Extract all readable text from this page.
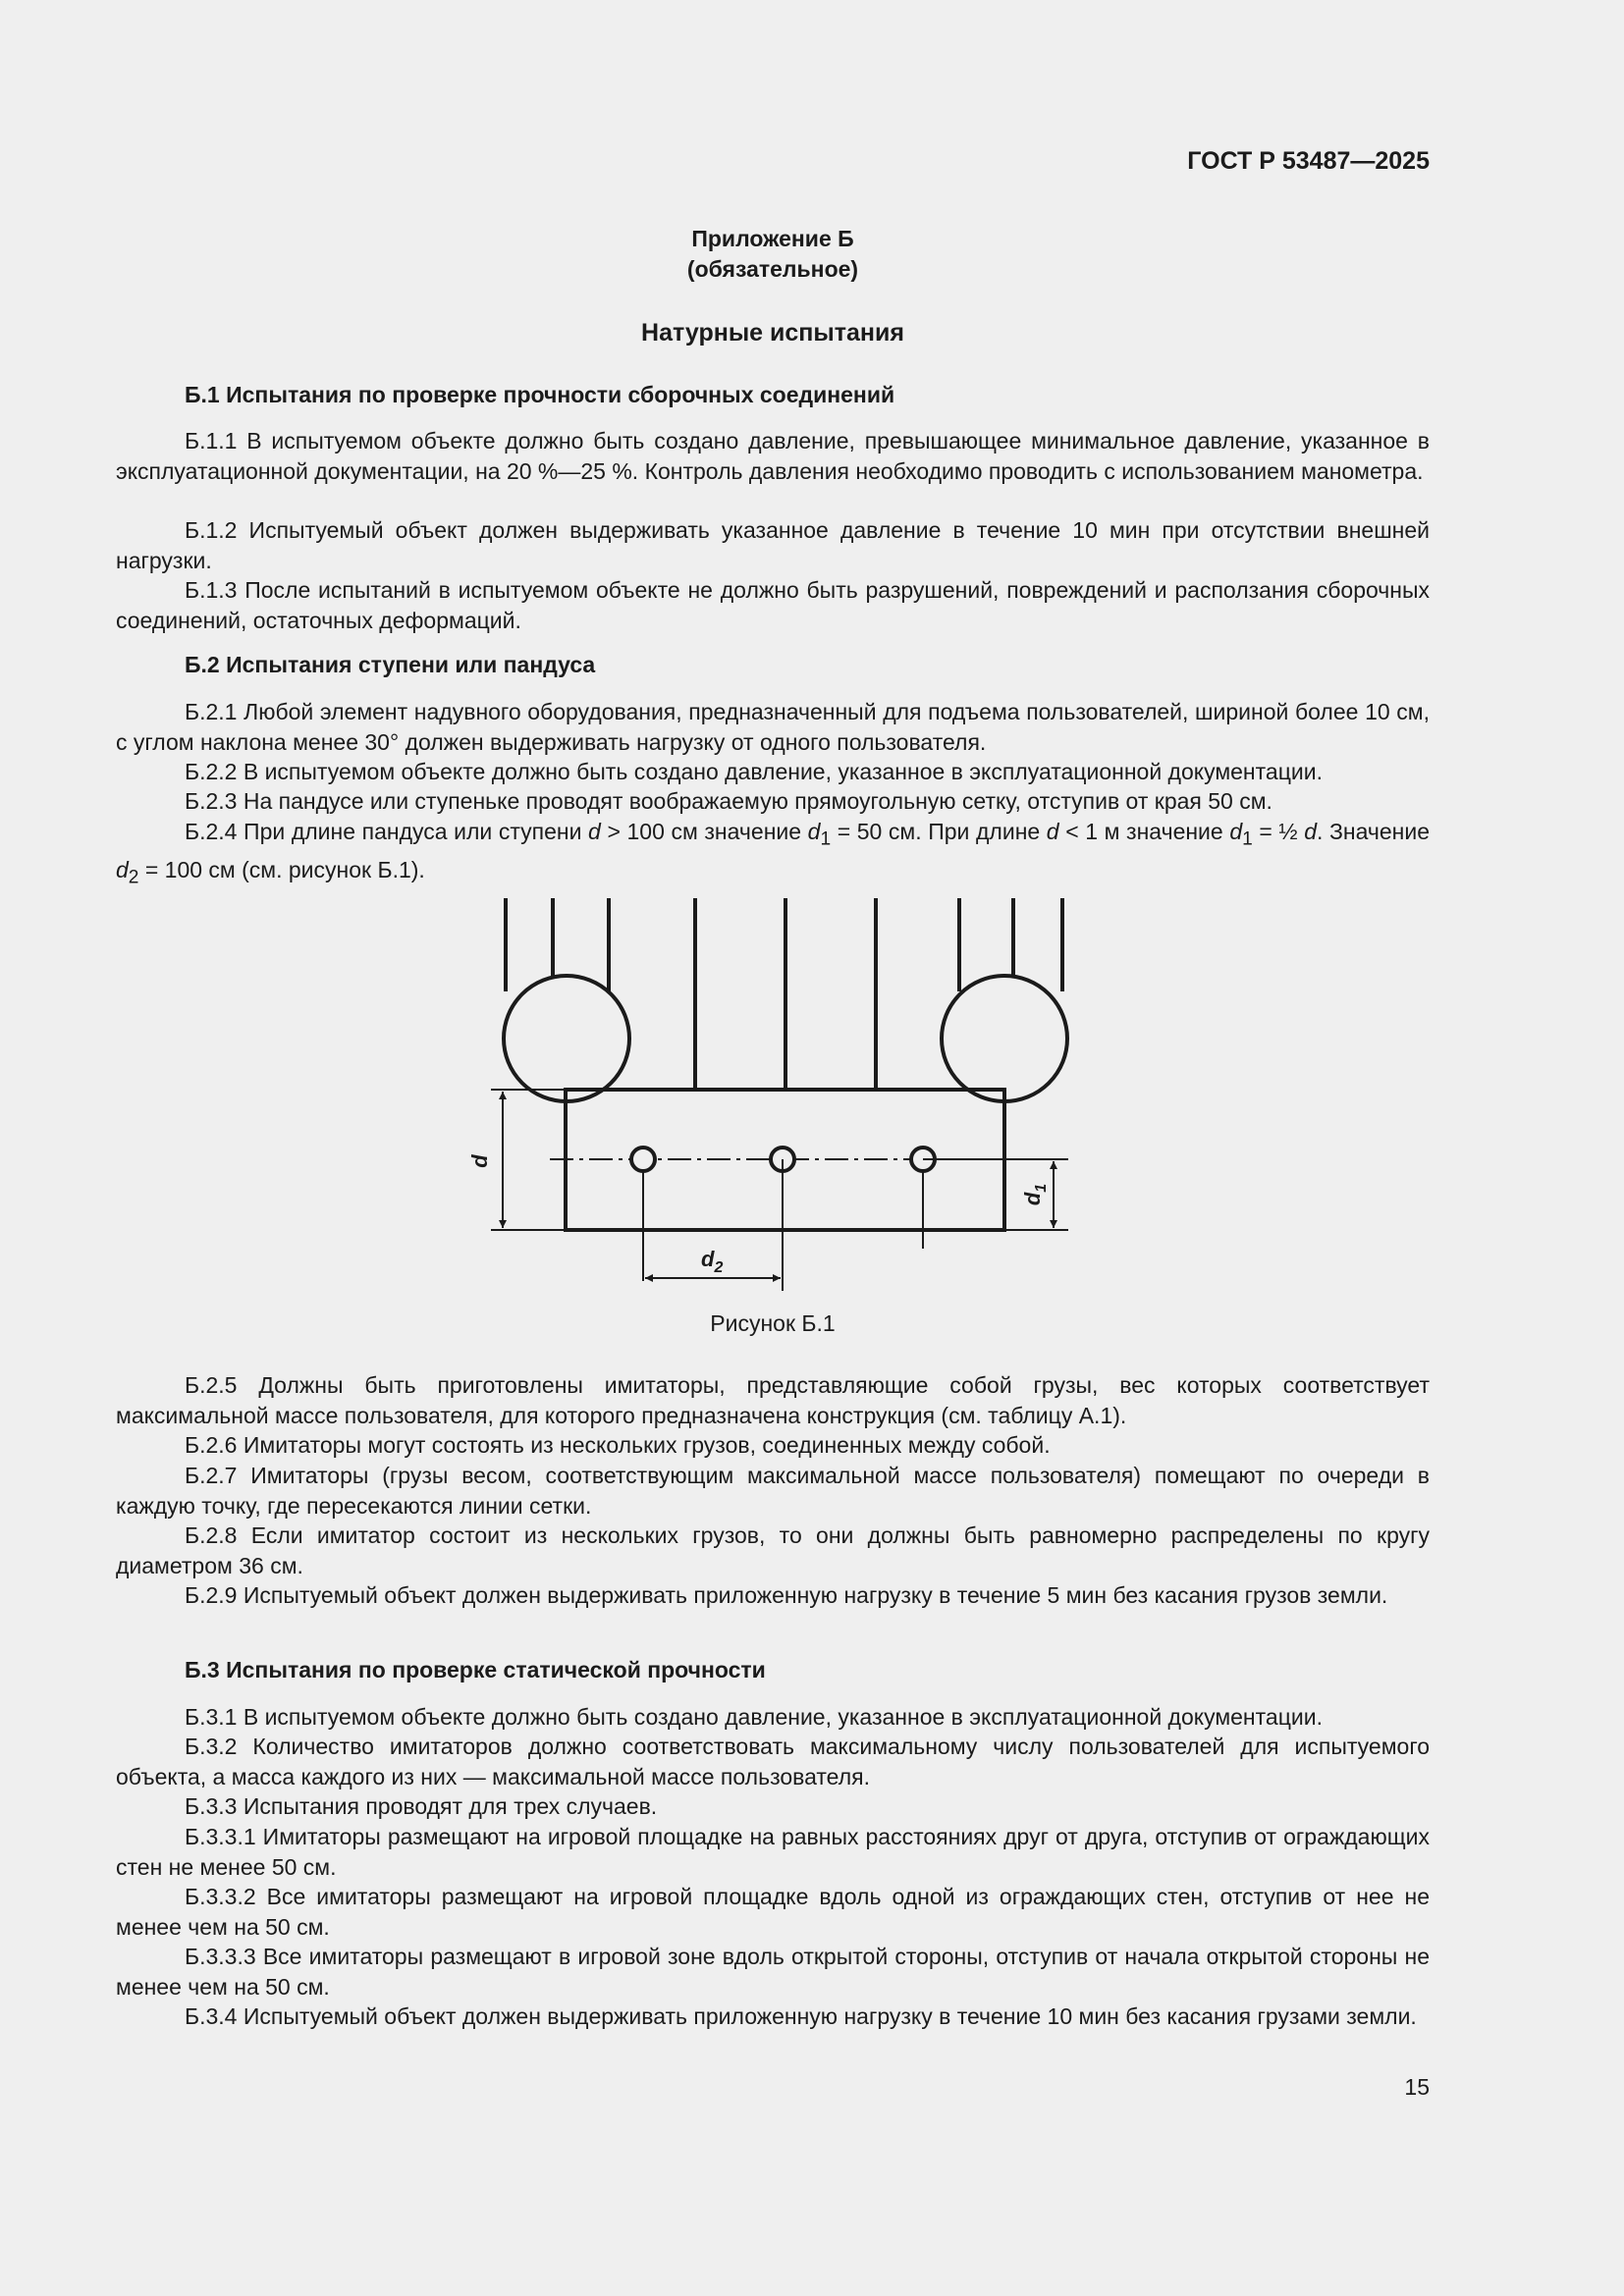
ГОСТ Р 53487—2025
Приложение Б
(обязательное)
Натурные испытания
Б.1 Испытания по проверке прочности сборочных соединений

Б.1.1 В испытуемом объекте должно быть создано давление, превышающее минимальное давление, указанное в эксплуатационной документации, на 20 %—25 %. Контроль давления необходимо проводить с использованием манометра.

Б.1.2 Испытуемый объект должен выдерживать указанное давление в течение 10 мин при отсутствии внешней нагрузки.

Б.1.3 После испытаний в испытуемом объекте не должно быть разрушений, повреждений и расползания сборочных соединений, остаточных деформаций.

Б.2 Испытания ступени или пандуса

Б.2.1 Любой элемент надувного оборудования, предназначенный для подъема пользователей, шириной более 10 см, с углом наклона менее 30° должен выдерживать нагрузку от одного пользователя.

Б.2.2 В испытуемом объекте должно быть создано давление, указанное в эксплуатационной документации.

Б.2.3 На пандусе или ступеньке проводят воображаемую прямоугольную сетку, отступив от края 50 см.

Б.2.4 При длине пандуса или ступени d > 100 см значение $d_1 = 50$ см. При длине d < 1 м значение $d_1$ = ½ d. Значение $d_2 = 100$ см (см. рисунок Б.1).

d
$d_1$
$d_2$
Рисунок Б.1

Б.2.5 Должны быть приготовлены имитаторы, представляющие собой грузы, вес которых соответствует максимальной массе пользователя, для которого предназначена конструкция (см. таблицу А.1).

Б.2.6 Имитаторы могут состоять из нескольких грузов, соединенных между собой.

Б.2.7 Имитаторы (грузы весом, соответствующим максимальной массе пользователя) помещают по очереди в каждую точку, где пересекаются линии сетки.

Б.2.8 Если имитатор состоит из нескольких грузов, то они должны быть равномерно распределены по кругу диаметром 36 см.

Б.2.9 Испытуемый объект должен выдерживать приложенную нагрузку в течение 5 мин без касания грузов земли.

Б.3 Испытания по проверке статической прочности

Б.3.1 В испытуемом объекте должно быть создано давление, указанное в эксплуатационной документации.

Б.3.2 Количество имитаторов должно соответствовать максимальному числу пользователей для испытуемого объекта, а масса каждого из них — максимальной массе пользователя.

Б.3.3 Испытания проводят для трех случаев.

Б.3.3.1 Имитаторы размещают на игровой площадке на равных расстояниях друг от друга, отступив от ограждающих стен не менее 50 см.

Б.3.3.2 Все имитаторы размещают на игровой площадке вдоль одной из ограждающих стен, отступив от нее не менее чем на 50 см.

Б.3.3.3 Все имитаторы размещают в игровой зоне вдоль открытой стороны, отступив от начала открытой стороны не менее чем на 50 см.

Б.3.4 Испытуемый объект должен выдерживать приложенную нагрузку в течение 10 мин без касания грузами земли.

15
